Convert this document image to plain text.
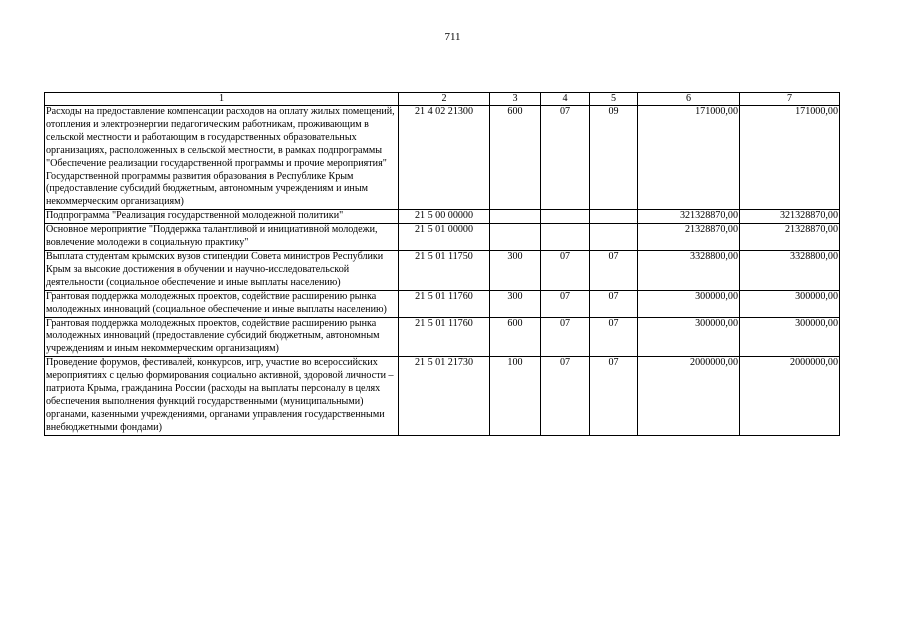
711
1	2	3	4	5	6	7
Расходы на предоставление компенсации расходов на оплату жилых помещений, отопления и электроэнергии педагогическим работникам, проживающим в сельской местности и работающим в государственных образовательных организациях, расположенных в сельской местности, в рамках подпрограммы "Обеспечение реализации государственной программы и прочие мероприятия" Государственной программы развития образования в Республике Крым (предоставление субсидий бюджетным, автономным учреждениям и иным некоммерческим организациям)	21 4 02 21300	600	07	09	171000,00	171000,00
Подпрограмма "Реализация государственной молодежной политики"	21 5 00 00000				321328870,00	321328870,00
Основное мероприятие "Поддержка талантливой и инициативной молодежи, вовлечение молодежи в социальную практику"	21 5 01 00000				21328870,00	21328870,00
Выплата студентам крымских вузов стипендии Совета министров Республики Крым за высокие достижения в обучении и научно-исследовательской деятельности (социальное обеспечение и иные выплаты населению)	21 5 01 11750	300	07	07	3328800,00	3328800,00
Грантовая поддержка молодежных проектов, содействие расширению рынка молодежных инноваций (социальное обеспечение и иные выплаты населению)	21 5 01 11760	300	07	07	300000,00	300000,00
Грантовая поддержка молодежных проектов, содействие расширению рынка молодежных инноваций (предоставление субсидий бюджетным, автономным учреждениям и иным некоммерческим организациям)	21 5 01 11760	600	07	07	300000,00	300000,00
Проведение форумов, фестивалей, конкурсов, игр, участие во всероссийских мероприятиях с целью формирования социально активной, здоровой личности – патриота Крыма, гражданина России (расходы на выплаты персоналу в целях обеспечения выполнения функций государственными (муниципальными) органами, казенными учреждениями, органами управления государственными внебюджетными фондами)	21 5 01 21730	100	07	07	2000000,00	2000000,00
